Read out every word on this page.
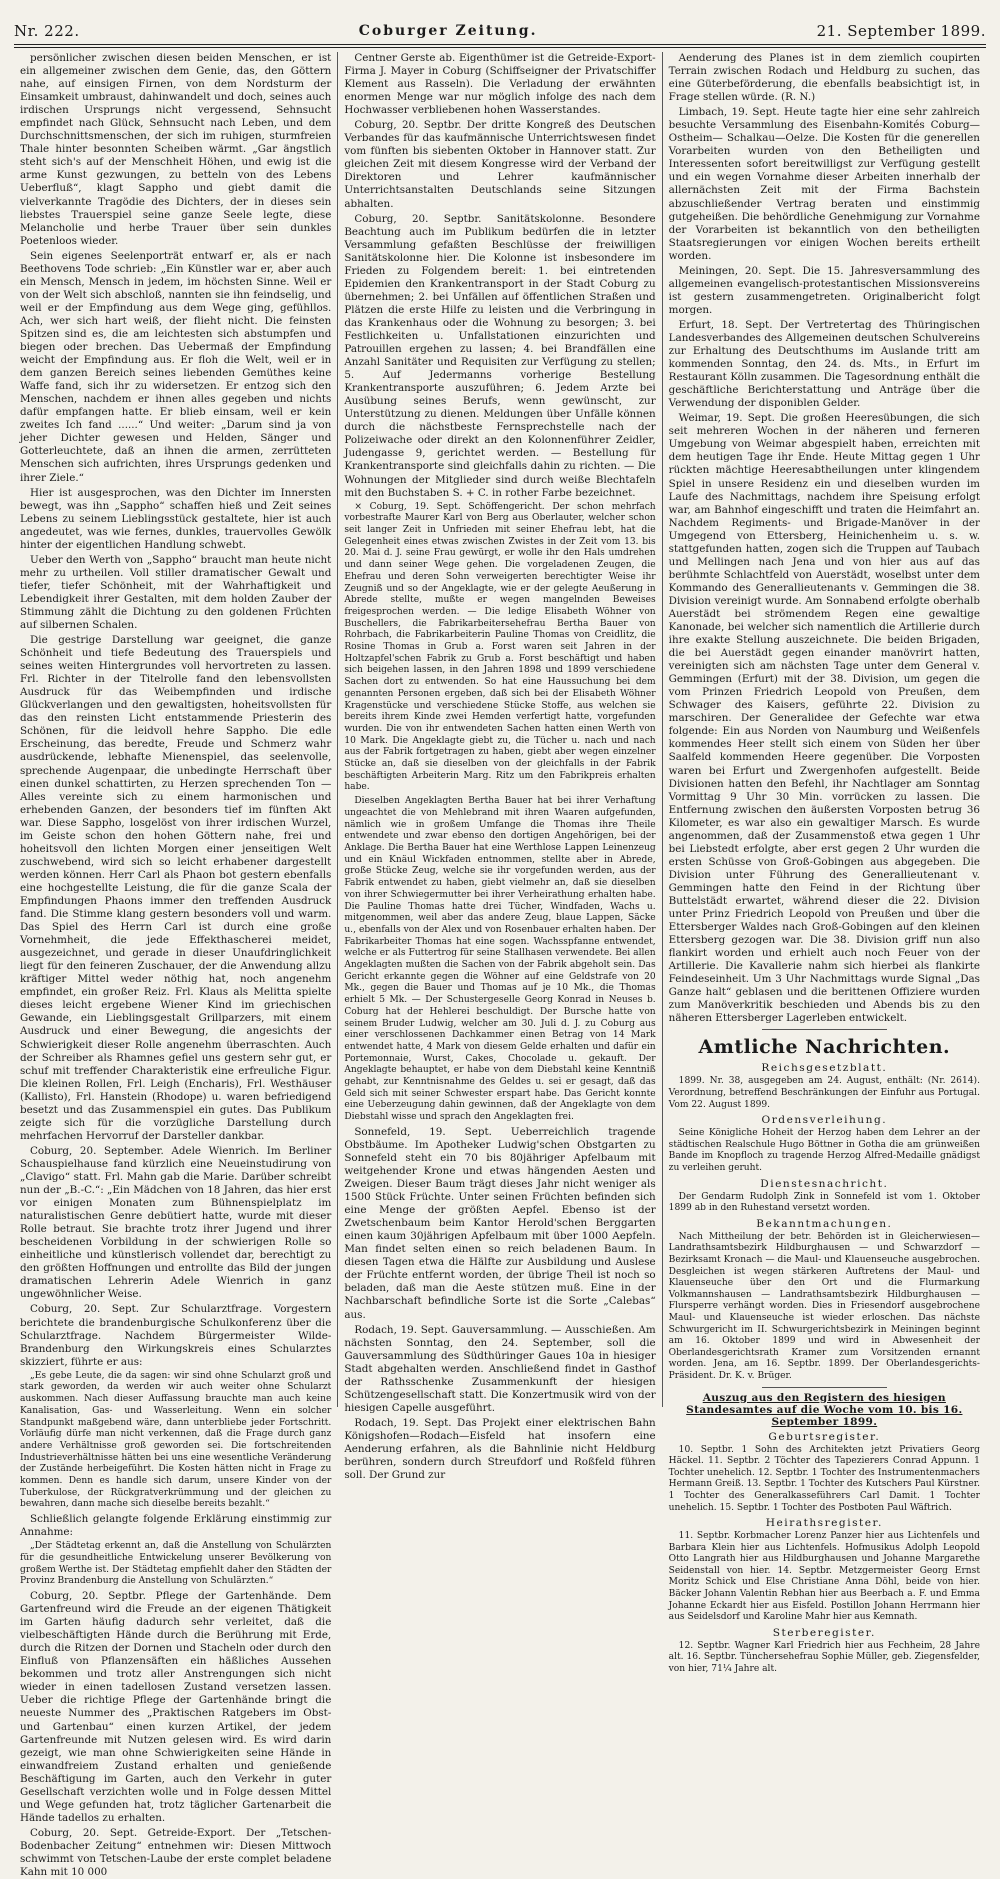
Nr. 222.	Coburger Zeitung.	21. September 1899.

persönlicher zwischen diesen beiden Menschen, er ist ein allgemeiner zwischen dem Genie, das, den Göttern nahe, auf einsigen Firnen, von dem Nordsturm der Einsamkeit umbraust, dahinwandelt und doch, seines auch irdischen Ursprungs nicht vergessend, Sehnsucht empfindet nach Glück, Sehnsucht nach Leben, und dem Durchschnittsmenschen, der sich im ruhigen, sturmfreien Thale hinter besonnten Scheiben wärmt. „Gar ängstlich steht sich's auf der Menschheit Höhen, und ewig ist die arme Kunst gezwungen, zu betteln von des Lebens Ueberfluß“, klagt Sappho und giebt damit die vielverkannte Tragödie des Dichters, der in dieses sein liebstes Trauerspiel seine ganze Seele legte, diese Melancholie und herbe Trauer über sein dunkles Poetenloos wieder.

Sein eigenes Seelenporträt entwarf er, als er nach Beethovens Tode schrieb: „Ein Künstler war er, aber auch ein Mensch, Mensch in jedem, im höchsten Sinne. Weil er von der Welt sich abschloß, nannten sie ihn feindselig, und weil er der Empfindung aus dem Wege ging, gefühllos. Ach, wer sich hart weiß, der flieht nicht. Die feinsten Spitzen sind es, die am leichtesten sich abstumpfen und biegen oder brechen. Das Uebermaß der Empfindung weicht der Empfindung aus. Er floh die Welt, weil er in dem ganzen Bereich seines liebenden Gemüthes keine Waffe fand, sich ihr zu widersetzen. Er entzog sich den Menschen, nachdem er ihnen alles gegeben und nichts dafür empfangen hatte. Er blieb einsam, weil er kein zweites Ich fand ......“ Und weiter: „Darum sind ja von jeher Dichter gewesen und Helden, Sänger und Gotterleuchtete, daß an ihnen die armen, zerrütteten Menschen sich aufrichten, ihres Ursprungs gedenken und ihrer Ziele.“

Hier ist ausgesprochen, was den Dichter im Innersten bewegt, was ihn „Sappho“ schaffen hieß und Zeit seines Lebens zu seinem Lieblingsstück gestaltete, hier ist auch angedeutet, was wie fernes, dunkles, trauervolles Gewölk hinter der eigentlichen Handlung schwebt.

Ueber den Werth von „Sappho“ braucht man heute nicht mehr zu urtheilen. Voll stiller dramatischer Gewalt und tiefer, tiefer Schönheit, mit der Wahrhaftigkeit und Lebendigkeit ihrer Gestalten, mit dem holden Zauber der Stimmung zählt die Dichtung zu den goldenen Früchten auf silbernen Schalen.

Die gestrige Darstellung war geeignet, die ganze Schönheit und tiefe Bedeutung des Trauerspiels und seines weiten Hintergrundes voll hervortreten zu lassen. Frl. Richter in der Titelrolle fand den lebensvollsten Ausdruck für das Weibempfinden und irdische Glückverlangen und den gewaltigsten, hoheitsvollsten für das den reinsten Licht entstammende Priesterin des Schönen, für die leidvoll hehre Sappho. Die edle Erscheinung, das beredte, Freude und Schmerz wahr ausdrückende, lebhafte Mienenspiel, das seelenvolle, sprechende Augenpaar, die unbedingte Herrschaft über einen dunkel schattirten, zu Herzen sprechenden Ton — Alles vereinte sich zu einem harmonischen und erhebenden Ganzen, der besonders tief im fünften Akt war. Diese Sappho, losgelöst von ihrer irdischen Wurzel, im Geiste schon den hohen Göttern nahe, frei und hoheitsvoll den lichten Morgen einer jenseitigen Welt zuschwebend, wird sich so leicht erhabener dargestellt werden können. Herr Carl als Phaon bot gestern ebenfalls eine hochgestellte Leistung, die für die ganze Scala der Empfindungen Phaons immer den treffenden Ausdruck fand. Die Stimme klang gestern besonders voll und warm. Das Spiel des Herrn Carl ist durch eine große Vornehmheit, die jede Effekthascherei meidet, ausgezeichnet, und gerade in dieser Unaufdringlichkeit liegt für den feineren Zuschauer, der die Anwendung allzu kräftiger Mittel weder nöthig hat, noch angenehm empfindet, ein großer Reiz. Frl. Klaus als Melitta spielte dieses leicht ergebene Wiener Kind im griechischen Gewande, ein Lieblingsgestalt Grillparzers, mit einem Ausdruck und einer Bewegung, die angesichts der Schwierigkeit dieser Rolle angenehm überraschten. Auch der Schreiber als Rhamnes gefiel uns gestern sehr gut, er schuf mit treffender Charakteristik eine erfreuliche Figur. Die kleinen Rollen, Frl. Leigh (Encharis), Frl. Westhäuser (Kallisto), Frl. Hanstein (Rhodope) u. waren befriedigend besetzt und das Zusammenspiel ein gutes. Das Publikum zeigte sich für die vorzügliche Darstellung durch mehrfachen Hervorruf der Darsteller dankbar.

Coburg, 20. September. Adele Wienrich. Im Berliner Schauspielhause fand kürzlich eine Neueinstudirung von „Clavigo“ statt. Frl. Mahn gab die Marie. Darüber schreibt nun der „B.-C.“: „Ein Mädchen von 18 Jahren, das hier erst vor einigen Monaten zum Bühnenspielplatz im naturalistischen Genre debütiert hatte, wurde mit dieser Rolle betraut. Sie brachte trotz ihrer Jugend und ihrer bescheidenen Vorbildung in der schwierigen Rolle so einheitliche und künstlerisch vollendet dar, berechtigt zu den größten Hoffnungen und entrollte das Bild der jungen dramatischen Lehrerin Adele Wienrich in ganz ungewöhnlicher Weise.

Coburg, 20. Sept. Zur Schularztfrage. Vorgestern berichtete die brandenburgische Schulkonferenz über die Schularztfrage. Nachdem Bürgermeister Wilde-Brandenburg den Wirkungskreis eines Schularztes skizziert, führte er aus:

„Es gebe Leute, die da sagen: wir sind ohne Schularzt groß und stark geworden, da werden wir auch weiter ohne Schularzt auskommen. Nach dieser Auffassung brauchte man auch keine Kanalisation, Gas- und Wasserleitung. Wenn ein solcher Standpunkt maßgebend wäre, dann unterbliebe jeder Fortschritt. Vorläufig dürfe man nicht verkennen, daß die Frage durch ganz andere Verhältnisse groß geworden sei. Die fortschreitenden Industrieverhältnisse hätten bei uns eine wesentliche Veränderung der Zustände herbeigeführt. Die Kosten hätten nicht in Frage zu kommen. Denn es handle sich darum, unsere Kinder von der Tuberkulose, der Rückgratverkrümmung und der gleichen zu bewahren, dann mache sich dieselbe bereits bezahlt.“

Schließlich gelangte folgende Erklärung einstimmig zur Annahme:

„Der Städtetag erkennt an, daß die Anstellung von Schulärzten für die gesundheitliche Entwickelung unserer Bevölkerung von großem Werthe ist. Der Städtetag empfiehlt daher den Städten der Provinz Brandenburg die Anstellung von Schulärzten.“

Coburg, 20. Septbr. Pflege der Gartenhände. Dem Gartenfreund wird die Freude an der eigenen Thätigkeit im Garten häufig dadurch sehr verleitet, daß die vielbeschäftigten Hände durch die Berührung mit Erde, durch die Ritzen der Dornen und Stacheln oder durch den Einfluß von Pflanzensäften ein häßliches Aussehen bekommen und trotz aller Anstrengungen sich nicht wieder in einen tadellosen Zustand versetzen lassen. Ueber die richtige Pflege der Gartenhände bringt die neueste Nummer des „Praktischen Ratgebers im Obst- und Gartenbau“ einen kurzen Artikel, der jedem Gartenfreunde mit Nutzen gelesen wird. Es wird darin gezeigt, wie man ohne Schwierigkeiten seine Hände in einwandfreiem Zustand erhalten und genießende Beschäftigung im Garten, auch den Verkehr in guter Gesellschaft verzichten wolle und in Folge dessen Mittel und Wege gefunden hat, trotz täglicher Gartenarbeit die Hände tadellos zu erhalten.

Coburg, 20. Sept. Getreide-Export. Der „Tetschen-Bodenbacher Zeitung“ entnehmen wir: Diesen Mittwoch schwimmt von Tetschen-Laube der erste complet beladene Kahn mit 10 000

Centner Gerste ab. Eigenthümer ist die Getreide-Export-Firma J. Mayer in Coburg (Schiffseigner der Privatschiffer Klement aus Rasseln). Die Verladung der erwähnten enormen Menge war nur möglich infolge des nach dem Hochwasser verbliebenen hohen Wasserstandes.

Coburg, 20. Septbr. Der dritte Kongreß des Deutschen Verbandes für das kaufmännische Unterrichtswesen findet vom fünften bis siebenten Oktober in Hannover statt. Zur gleichen Zeit mit diesem Kongresse wird der Verband der Direktoren und Lehrer kaufmännischer Unterrichtsanstalten Deutschlands seine Sitzungen abhalten.

Coburg, 20. Septbr. Sanitätskolonne. Besondere Beachtung auch im Publikum bedürfen die in letzter Versammlung gefaßten Beschlüsse der freiwilligen Sanitätskolonne hier. Die Kolonne ist insbesondere im Frieden zu Folgendem bereit: 1. bei eintretenden Epidemien den Krankentransport in der Stadt Coburg zu übernehmen; 2. bei Unfällen auf öffentlichen Straßen und Plätzen die erste Hilfe zu leisten und die Verbringung in das Krankenhaus oder die Wohnung zu besorgen; 3. bei Festlichkeiten u. Unfallstationen einzurichten und Patrouillen ergehen zu lassen; 4. bei Brandfällen eine Anzahl Sanitäter und Requisiten zur Verfügung zu stellen; 5. Auf Jedermanns vorherige Bestellung Krankentransporte auszuführen; 6. Jedem Arzte bei Ausübung seines Berufs, wenn gewünscht, zur Unterstützung zu dienen. Meldungen über Unfälle können durch die nächstbeste Fernsprechstelle nach der Polizeiwache oder direkt an den Kolonnenführer Zeidler, Judengasse 9, gerichtet werden. — Bestellung für Krankentransporte sind gleichfalls dahin zu richten. — Die Wohnungen der Mitglieder sind durch weiße Blechtafeln mit den Buchstaben S. + C. in rother Farbe bezeichnet.

× Coburg, 19. Sept. Schöffengericht. Der schon mehrfach vorbestrafte Maurer Karl von Berg aus Oberlauter, welcher schon seit langer Zeit in Unfrieden mit seiner Ehefrau lebt, hat die Gelegenheit eines etwas zwischen Zwistes in der Zeit vom 13. bis 20. Mai d. J. seine Frau gewürgt, er wolle ihr den Hals umdrehen und dann seiner Wege gehen. Die vorgeladenen Zeugen, die Ehefrau und deren Sohn verweigerten berechtigter Weise ihr Zeugniß und so der Angeklagte, wie er der gelegte Aeußerung in Abrede stellte, mußte er wegen mangelnden Beweises freigesprochen werden. — Die ledige Elisabeth Wöhner von Buschellers, die Fabrikarbeitersehefrau Bertha Bauer von Rohrbach, die Fabrikarbeiterin Pauline Thomas von Creidlitz, die Rosine Thomas in Grub a. Forst waren seit Jahren in der Holtzapfel'schen Fabrik zu Grub a. Forst beschäftigt und haben sich beigehen lassen, in den Jahren 1898 und 1899 verschiedene Sachen dort zu entwenden. So hat eine Haussuchung bei dem genannten Personen ergeben, daß sich bei der Elisabeth Wöhner Kragenstücke und verschiedene Stücke Stoffe, aus welchen sie bereits ihrem Kinde zwei Hemden verfertigt hatte, vorgefunden wurden. Die von ihr entwendeten Sachen hatten einen Werth von 10 Mark. Die Angeklagte giebt zu, die Tücher u. nach und nach aus der Fabrik fortgetragen zu haben, giebt aber wegen einzelner Stücke an, daß sie dieselben von der gleichfalls in der Fabrik beschäftigten Arbeiterin Marg. Ritz um den Fabrikpreis erhalten habe.

Dieselben Angeklagten Bertha Bauer hat bei ihrer Verhaftung ungeachtet die von Mehlebrand mit ihren Waaren aufgefunden, nämlich wie in großem Umfange die Thomas ihre Theile entwendete und zwar ebenso den dortigen Angehörigen, bei der Anklage. Die Bertha Bauer hat eine Werthlose Lappen Leinenzeug und ein Knäul Wickfaden entnommen, stellte aber in Abrede, große Stücke Zeug, welche sie ihr vorgefunden werden, aus der Fabrik entwendet zu haben, giebt vielmehr an, daß sie dieselben von ihrer Schwiegermutter bei ihrer Verheirathung erhalten habe. Die Pauline Thomas hatte drei Tücher, Windfaden, Wachs u. mitgenommen, weil aber das andere Zeug, blaue Lappen, Säcke u., ebenfalls von der Alex und von Rosenbauer erhalten haben. Der Fabrikarbeiter Thomas hat eine sogen. Wachsspfanne entwendet, welche er als Futtertrog für seine Stallhasen verwendete. Bei allen Angeklagten mußten die Sachen von der Fabrik abgeholt sein. Das Gericht erkannte gegen die Wöhner auf eine Geldstrafe von 20 Mk., gegen die Bauer und Thomas auf je 10 Mk., die Thomas erhielt 5 Mk. — Der Schustergeselle Georg Konrad in Neuses b. Coburg hat der Hehlerei beschuldigt. Der Bursche hatte von seinem Bruder Ludwig, welcher am 30. Juli d. J. zu Coburg aus einer verschlossenen Dachkammer einen Betrag von 14 Mark entwendet hatte, 4 Mark von diesem Gelde erhalten und dafür ein Portemonnaie, Wurst, Cakes, Chocolade u. gekauft. Der Angeklagte behauptet, er habe von dem Diebstahl keine Kenntniß gehabt, zur Kenntnisnahme des Geldes u. sei er gesagt, daß das Geld sich mit seiner Schwester erspart habe. Das Gericht konnte eine Ueberzeugung dahin gewinnen, daß der Angeklagte von dem Diebstahl wisse und sprach den Angeklagten frei.

Sonnefeld, 19. Sept. Ueberreichlich tragende Obstbäume. Im Apotheker Ludwig'schen Obstgarten zu Sonnefeld steht ein 70 bis 80jähriger Apfelbaum mit weitgehender Krone und etwas hängenden Aesten und Zweigen. Dieser Baum trägt dieses Jahr nicht weniger als 1500 Stück Früchte. Unter seinen Früchten befinden sich eine Menge der größten Aepfel. Ebenso ist der Zwetschenbaum beim Kantor Herold'schen Berggarten einen kaum 30jährigen Apfelbaum mit über 1000 Aepfeln. Man findet selten einen so reich beladenen Baum. In diesen Tagen etwa die Hälfte zur Ausbildung und Auslese der Früchte entfernt worden, der übrige Theil ist noch so beladen, daß man die Aeste stützen muß. Eine in der Nachbarschaft befindliche Sorte ist die Sorte „Calebas“ aus.

Rodach, 19. Sept. Gauversammlung. — Ausschießen. Am nächsten Sonntag, den 24. September, soll die Gauversammlung des Südthüringer Gaues 10a in hiesiger Stadt abgehalten werden. Anschließend findet in Gasthof der Rathsschenke Zusammenkunft der hiesigen Schützengesellschaft statt. Die Konzertmusik wird von der hiesigen Capelle ausgeführt.

Rodach, 19. Sept. Das Projekt einer elektrischen Bahn Königshofen—Rodach—Eisfeld hat insofern eine Aenderung erfahren, als die Bahnlinie nicht Heldburg berühren, sondern durch Streufdorf und Roßfeld führen soll. Der Grund zur

Aenderung des Planes ist in dem ziemlich coupirten Terrain zwischen Rodach und Heldburg zu suchen, das eine Güterbeförderung, die ebenfalls beabsichtigt ist, in Frage stellen würde. (R. N.)

Limbach, 19. Sept. Heute tagte hier eine sehr zahlreich besuchte Versammlung des Eisenbahn-Komités Coburg—Ostheim— Schalkau—Oelze. Die Kosten für die generellen Vorarbeiten wurden von den Betheiligten und Interessenten sofort bereitwilligst zur Verfügung gestellt und ein wegen Vornahme dieser Arbeiten innerhalb der allernächsten Zeit mit der Firma Bachstein abzuschließender Vertrag beraten und einstimmig gutgeheißen. Die behördliche Genehmigung zur Vornahme der Vorarbeiten ist bekanntlich von den betheiligten Staatsregierungen vor einigen Wochen bereits ertheilt worden.

Meiningen, 20. Sept. Die 15. Jahresversammlung des allgemeinen evangelisch-protestantischen Missionsvereins ist gestern zusammengetreten. Originalbericht folgt morgen.

Erfurt, 18. Sept. Der Vertretertag des Thüringischen Landesverbandes des Allgemeinen deutschen Schulvereins zur Erhaltung des Deutschthums im Auslande tritt am kommenden Sonntag, den 24. ds. Mts., in Erfurt im Restaurant Kölln zusammen. Die Tagesordnung enthält die geschäftliche Berichterstattung und Anträge über die Verwendung der disponiblen Gelder.

Weimar, 19. Sept. Die großen Heeresübungen, die sich seit mehreren Wochen in der näheren und ferneren Umgebung von Weimar abgespielt haben, erreichten mit dem heutigen Tage ihr Ende. Heute Mittag gegen 1 Uhr rückten mächtige Heeresabtheilungen unter klingendem Spiel in unsere Residenz ein und dieselben wurden im Laufe des Nachmittags, nachdem ihre Speisung erfolgt war, am Bahnhof eingeschifft und traten die Heimfahrt an. Nachdem Regiments- und Brigade-Manöver in der Umgegend von Ettersberg, Heinichenheim u. s. w. stattgefunden hatten, zogen sich die Truppen auf Taubach und Mellingen nach Jena und von hier aus auf das berühmte Schlachtfeld von Auerstädt, woselbst unter dem Kommando des Generallieutenants v. Gemmingen die 38. Division vereinigt wurde. Am Sonnabend erfolgte oberhalb Auerstädt bei strömendem Regen eine gewaltige Kanonade, bei welcher sich namentlich die Artillerie durch ihre exakte Stellung auszeichnete. Die beiden Brigaden, die bei Auerstädt gegen einander manövrirt hatten, vereinigten sich am nächsten Tage unter dem General v. Gemmingen (Erfurt) mit der 38. Division, um gegen die vom Prinzen Friedrich Leopold von Preußen, dem Schwager des Kaisers, geführte 22. Division zu marschiren. Der Generalidee der Gefechte war etwa folgende: Ein aus Norden von Naumburg und Weißenfels kommendes Heer stellt sich einem von Süden her über Saalfeld kommenden Heere gegenüber. Die Vorposten waren bei Erfurt und Zwergenhofen aufgestellt. Beide Divisionen hatten den Befehl, ihr Nachtlager am Sonntag Vormittag 9 Uhr 30 Min. vorrücken zu lassen. Die Entfernung zwischen den äußersten Vorposten betrug 36 Kilometer, es war also ein gewaltiger Marsch. Es wurde angenommen, daß der Zusammenstoß etwa gegen 1 Uhr bei Liebstedt erfolgte, aber erst gegen 2 Uhr wurden die ersten Schüsse von Groß-Gobingen aus abgegeben. Die Division unter Führung des Generallieutenant v. Gemmingen hatte den Feind in der Richtung über Buttelstädt erwartet, während dieser die 22. Division unter Prinz Friedrich Leopold von Preußen und über die Ettersberger Waldes nach Groß-Gobingen auf den kleinen Ettersberg gezogen war. Die 38. Division griff nun also flankirt worden und erhielt auch noch Feuer von der Artillerie. Die Kavallerie nahm sich hierbei als flankirte Feindeseinheit. Um 3 Uhr Nachmittags wurde Signal „Das Ganze halt“ geblasen und die berittenen Offiziere wurden zum Manöverkritik beschieden und Abends bis zu den näheren Ettersberger Lagerleben entwickelt.

Amtliche Nachrichten.
Reichsgesetzblatt.

1899. Nr. 38, ausgegeben am 24. August, enthält: (Nr. 2614). Verordnung, betreffend Beschränkungen der Einfuhr aus Portugal. Vom 22. August 1899.

Ordensverleihung.

Seine Königliche Hoheit der Herzog haben dem Lehrer an der städtischen Realschule Hugo Böttner in Gotha die am grünweißen Bande im Knopfloch zu tragende Herzog Alfred-Medaille gnädigst zu verleihen geruht.

Dienstesnachricht.

Der Gendarm Rudolph Zink in Sonnefeld ist vom 1. Oktober 1899 ab in den Ruhestand versetzt worden.

Bekanntmachungen.

Nach Mittheilung der betr. Behörden ist in Gleicherwiesen—Landrathsamtsbezirk Hildburghausen — und Schwarzdorf — Bezirksamt Kronach — die Maul- und Klauenseuche ausgebrochen. Desgleichen ist wegen stärkeren Auftretens der Maul- und Klauenseuche über den Ort und die Flurmarkung Volkmannshausen — Landrathsamtsbezirk Hildburghausen — Flursperre verhängt worden. Dies in Friesendorf ausgebrochene Maul- und Klauenseuche ist wieder erloschen. Das nächste Schwurgericht im II. Schwurgerichtsbezirk in Meiningen beginnt am 16. Oktober 1899 und wird in Abwesenheit der Oberlandesgerichtsrath Kramer zum Vorsitzenden ernannt worden. Jena, am 16. Septbr. 1899. Der Oberlandesgerichts-Präsident. Dr. K. v. Brüger.

Auszug aus den Registern des hiesigen Standesamtes auf die Woche vom 10. bis 16. September 1899.
Geburtsregister.

10. Septbr. 1 Sohn des Architekten jetzt Privatiers Georg Häckel. 11. Septbr. 2 Töchter des Tapezierers Conrad Appunn. 1 Tochter unehelich. 12. Septbr. 1 Tochter des Instrumentenmachers Hermann Greiß. 13. Septbr. 1 Tochter des Kutschers Paul Kürstner. 1 Tochter des Generalkasseführers Carl Damit. 1 Tochter unehelich. 15. Septbr. 1 Tochter des Postboten Paul Wäftrich.

Heirathsregister.

11. Septbr. Korbmacher Lorenz Panzer hier aus Lichtenfels und Barbara Klein hier aus Lichtenfels. Hofmusikus Adolph Leopold Otto Langrath hier aus Hildburghausen und Johanne Margarethe Seidenstall von hier. 14. Septbr. Metzgermeister Georg Ernst Moritz Schick und Else Christiane Anna Döhl, beide von hier. Bäcker Johann Valentin Rebhan hier aus Beerbach a. F. und Emma Johanne Eckardt hier aus Eisfeld. Postillon Johann Herrmann hier aus Seidelsdorf und Karoline Mahr hier aus Kemnath.

Sterberegister.

12. Septbr. Wagner Karl Friedrich hier aus Fechheim, 28 Jahre alt. 16. Septbr. Tünchersehefrau Sophie Müller, geb. Ziegensfelder, von hier, 71¼ Jahre alt.
